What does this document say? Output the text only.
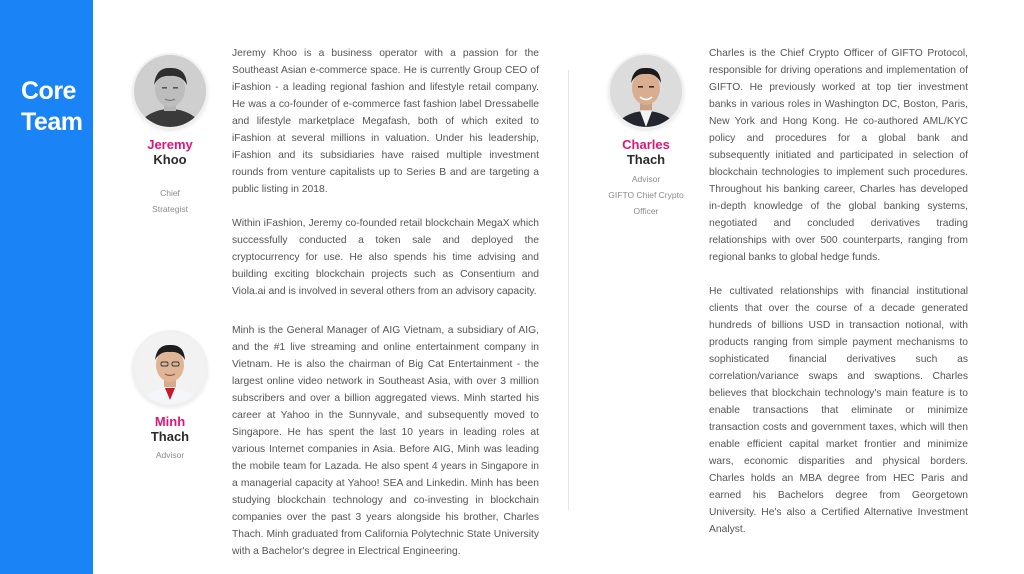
Core
Team
Jeremy
Khoo
Chief
Strategist

Jeremy Khoo is a business operator with a passion for the Southeast Asian e-commerce space. He is currently Group CEO of iFashion - a leading regional fashion and lifestyle retail company. He was a co-founder of e-commerce fast fashion label Dressabelle and lifestyle marketplace Megafash, both of which exited to iFashion at several millions in valuation. Under his leadership, iFashion and its subsidiaries have raised multiple investment rounds from venture capitalists up to Series B and are targeting a public listing in 2018.

Within iFashion, Jeremy co-founded retail blockchain MegaX which successfully conducted a token sale and deployed the cryptocurrency for use. He also spends his time advising and building exciting blockchain projects such as Consentium and Viola.ai and is involved in several others from an advisory capacity.

Minh
Thach
Advisor

Minh is the General Manager of AIG Vietnam, a subsidiary of AIG, and the #1 live streaming and online entertainment company in Vietnam. He is also the chairman of Big Cat Entertainment - the largest online video network in Southeast Asia, with over 3 million subscribers and over a billion aggregated views. Minh started his career at Yahoo in the Sunnyvale, and subsequently moved to Singapore. He has spent the last 10 years in leading roles at various Internet companies in Asia. Before AIG, Minh was leading the mobile team for Lazada. He also spent 4 years in Singapore in a managerial capacity at Yahoo! SEA and Linkedin. Minh has been studying blockchain technology and co-investing in blockchain companies over the past 3 years alongside his brother, Charles Thach. Minh graduated from California Polytechnic State University with a Bachelor's degree in Electrical Engineering.

Charles
Thach
Advisor
GIFTO Chief Crypto
Officer

Charles is the Chief Crypto Officer of GIFTO Protocol, responsible for driving operations and implementation of GIFTO. He previously worked at top tier investment banks in various roles in Washington DC, Boston, Paris, New York and Hong Kong. He co-authored AML/KYC policy and procedures for a global bank and subsequently initiated and participated in selection of blockchain technologies to implement such procedures. Throughout his banking career, Charles has developed in-depth knowledge of the global banking systems, negotiated and concluded derivatives trading relationships with over 500 counterparts, ranging from regional banks to global hedge funds.

He cultivated relationships with financial institutional clients that over the course of a decade generated hundreds of billions USD in transaction notional, with products ranging from simple payment mechanisms to sophisticated financial derivatives such as correlation/variance swaps and swaptions. Charles believes that blockchain technology's main feature is to enable transactions that eliminate or minimize transaction costs and government taxes, which will then enable efficient capital market frontier and minimize wars, economic disparities and physical borders. Charles holds an MBA degree from HEC Paris and earned his Bachelors degree from Georgetown University. He's also a Certified Alternative Investment Analyst.
